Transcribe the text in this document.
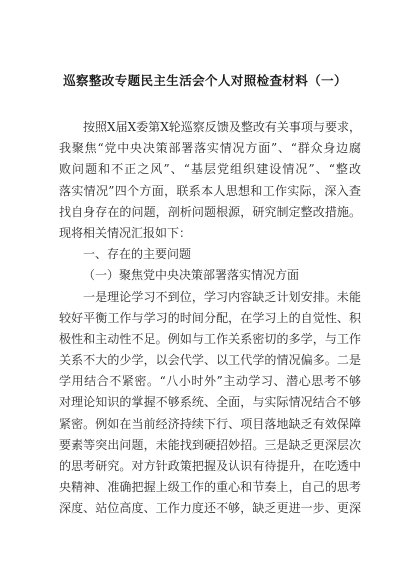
巡察整改专题民主生活会个人对照检查材料（一）
按照X届X委第X轮巡察反馈及整改有关事项与要求，
我聚焦“党中央决策部署落实情况方面”、“群众身边腐
败问题和不正之风”、“基层党组织建设情况”、“整改
落实情况”四个方面，联系本人思想和工作实际，深入查
找自身存在的问题，剖析问题根源，研究制定整改措施。
现将相关情况汇报如下：
一、存在的主要问题
（一）聚焦党中央决策部署落实情况方面
一是理论学习不到位，学习内容缺乏计划安排。未能
较好平衡工作与学习的时间分配，在学习上的自觉性、积
极性和主动性不足。例如与工作关系密切的多学，与工作
关系不大的少学，以会代学、以工代学的情况偏多。二是
学用结合不紧密。“八小时外”主动学习、潜心思考不够
对理论知识的掌握不够系统、全面，与实际情况结合不够
紧密。例如在当前经济持续下行、项目落地缺乏有效保障
要素等突出问题，未能找到硬招妙招。三是缺乏更深层次
的思考研究。对方针政策把握及认识有待提升，在吃透中
央精神、准确把握上级工作的重心和节奏上，自己的思考
深度、站位高度、工作力度还不够，缺乏更进一步、更深
